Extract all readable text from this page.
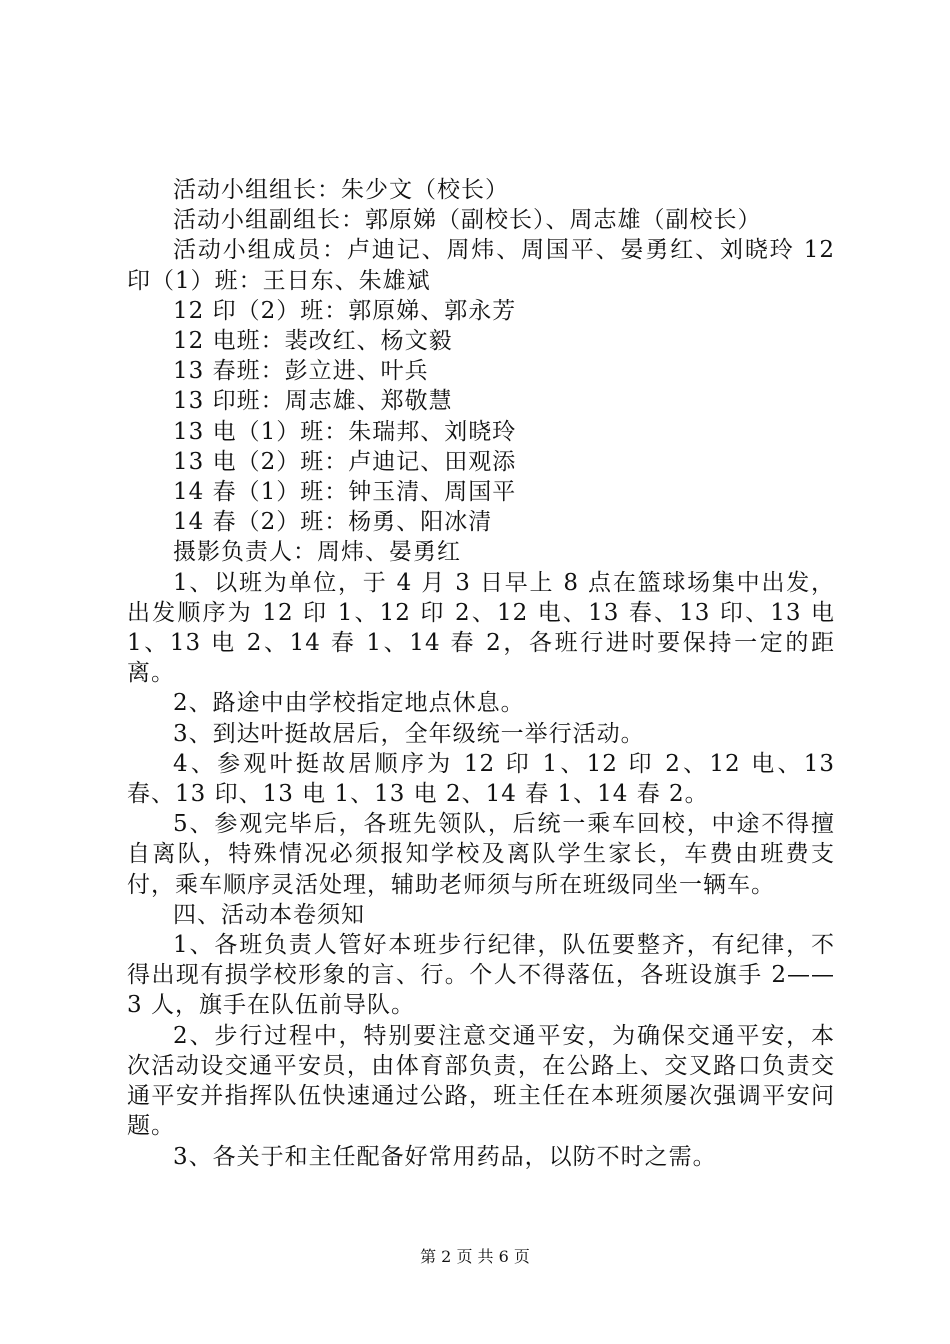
活动小组组长：朱少文（校长）

活动小组副组长：郭原娣（副校长）、周志雄（副校长）

活动小组成员：卢迪记、周炜、周国平、晏勇红、刘晓玲 12 印（1）班：王日东、朱雄斌

12 印（2）班：郭原娣、郭永芳

12 电班：裴改红、杨文毅

13 春班：彭立进、叶兵

13 印班：周志雄、郑敬慧

13 电（1）班：朱瑞邦、刘晓玲

13 电（2）班：卢迪记、田观添

14 春（1）班：钟玉清、周国平

14 春（2）班：杨勇、阳冰清

摄影负责人：周炜、晏勇红

1、以班为单位，于 4 月 3 日早上 8 点在篮球场集中出发，出发顺序为 12 印 1、12 印 2、12 电、13 春、13 印、13 电 1、13 电 2、14 春 1、14 春 2，各班行进时要保持一定的距离。

2、路途中由学校指定地点休息。

3、到达叶挺故居后，全年级统一举行活动。

4、参观叶挺故居顺序为 12 印 1、12 印 2、12 电、13 春、13 印、13 电 1、13 电 2、14 春 1、14 春 2。

5、参观完毕后，各班先领队，后统一乘车回校，中途不得擅自离队，特殊情况必须报知学校及离队学生家长，车费由班费支付，乘车顺序灵活处理，辅助老师须与所在班级同坐一辆车。

四、活动本卷须知

1、各班负责人管好本班步行纪律，队伍要整齐，有纪律，不得出现有损学校形象的言、行。个人不得落伍，各班设旗手 2——3 人，旗手在队伍前导队。

2、步行过程中，特别要注意交通平安，为确保交通平安，本次活动设交通平安员，由体育部负责，在公路上、交叉路口负责交通平安并指挥队伍快速通过公路，班主任在本班须屡次强调平安问题。

3、各关于和主任配备好常用药品，以防不时之需。

第 2 页 共 6 页
